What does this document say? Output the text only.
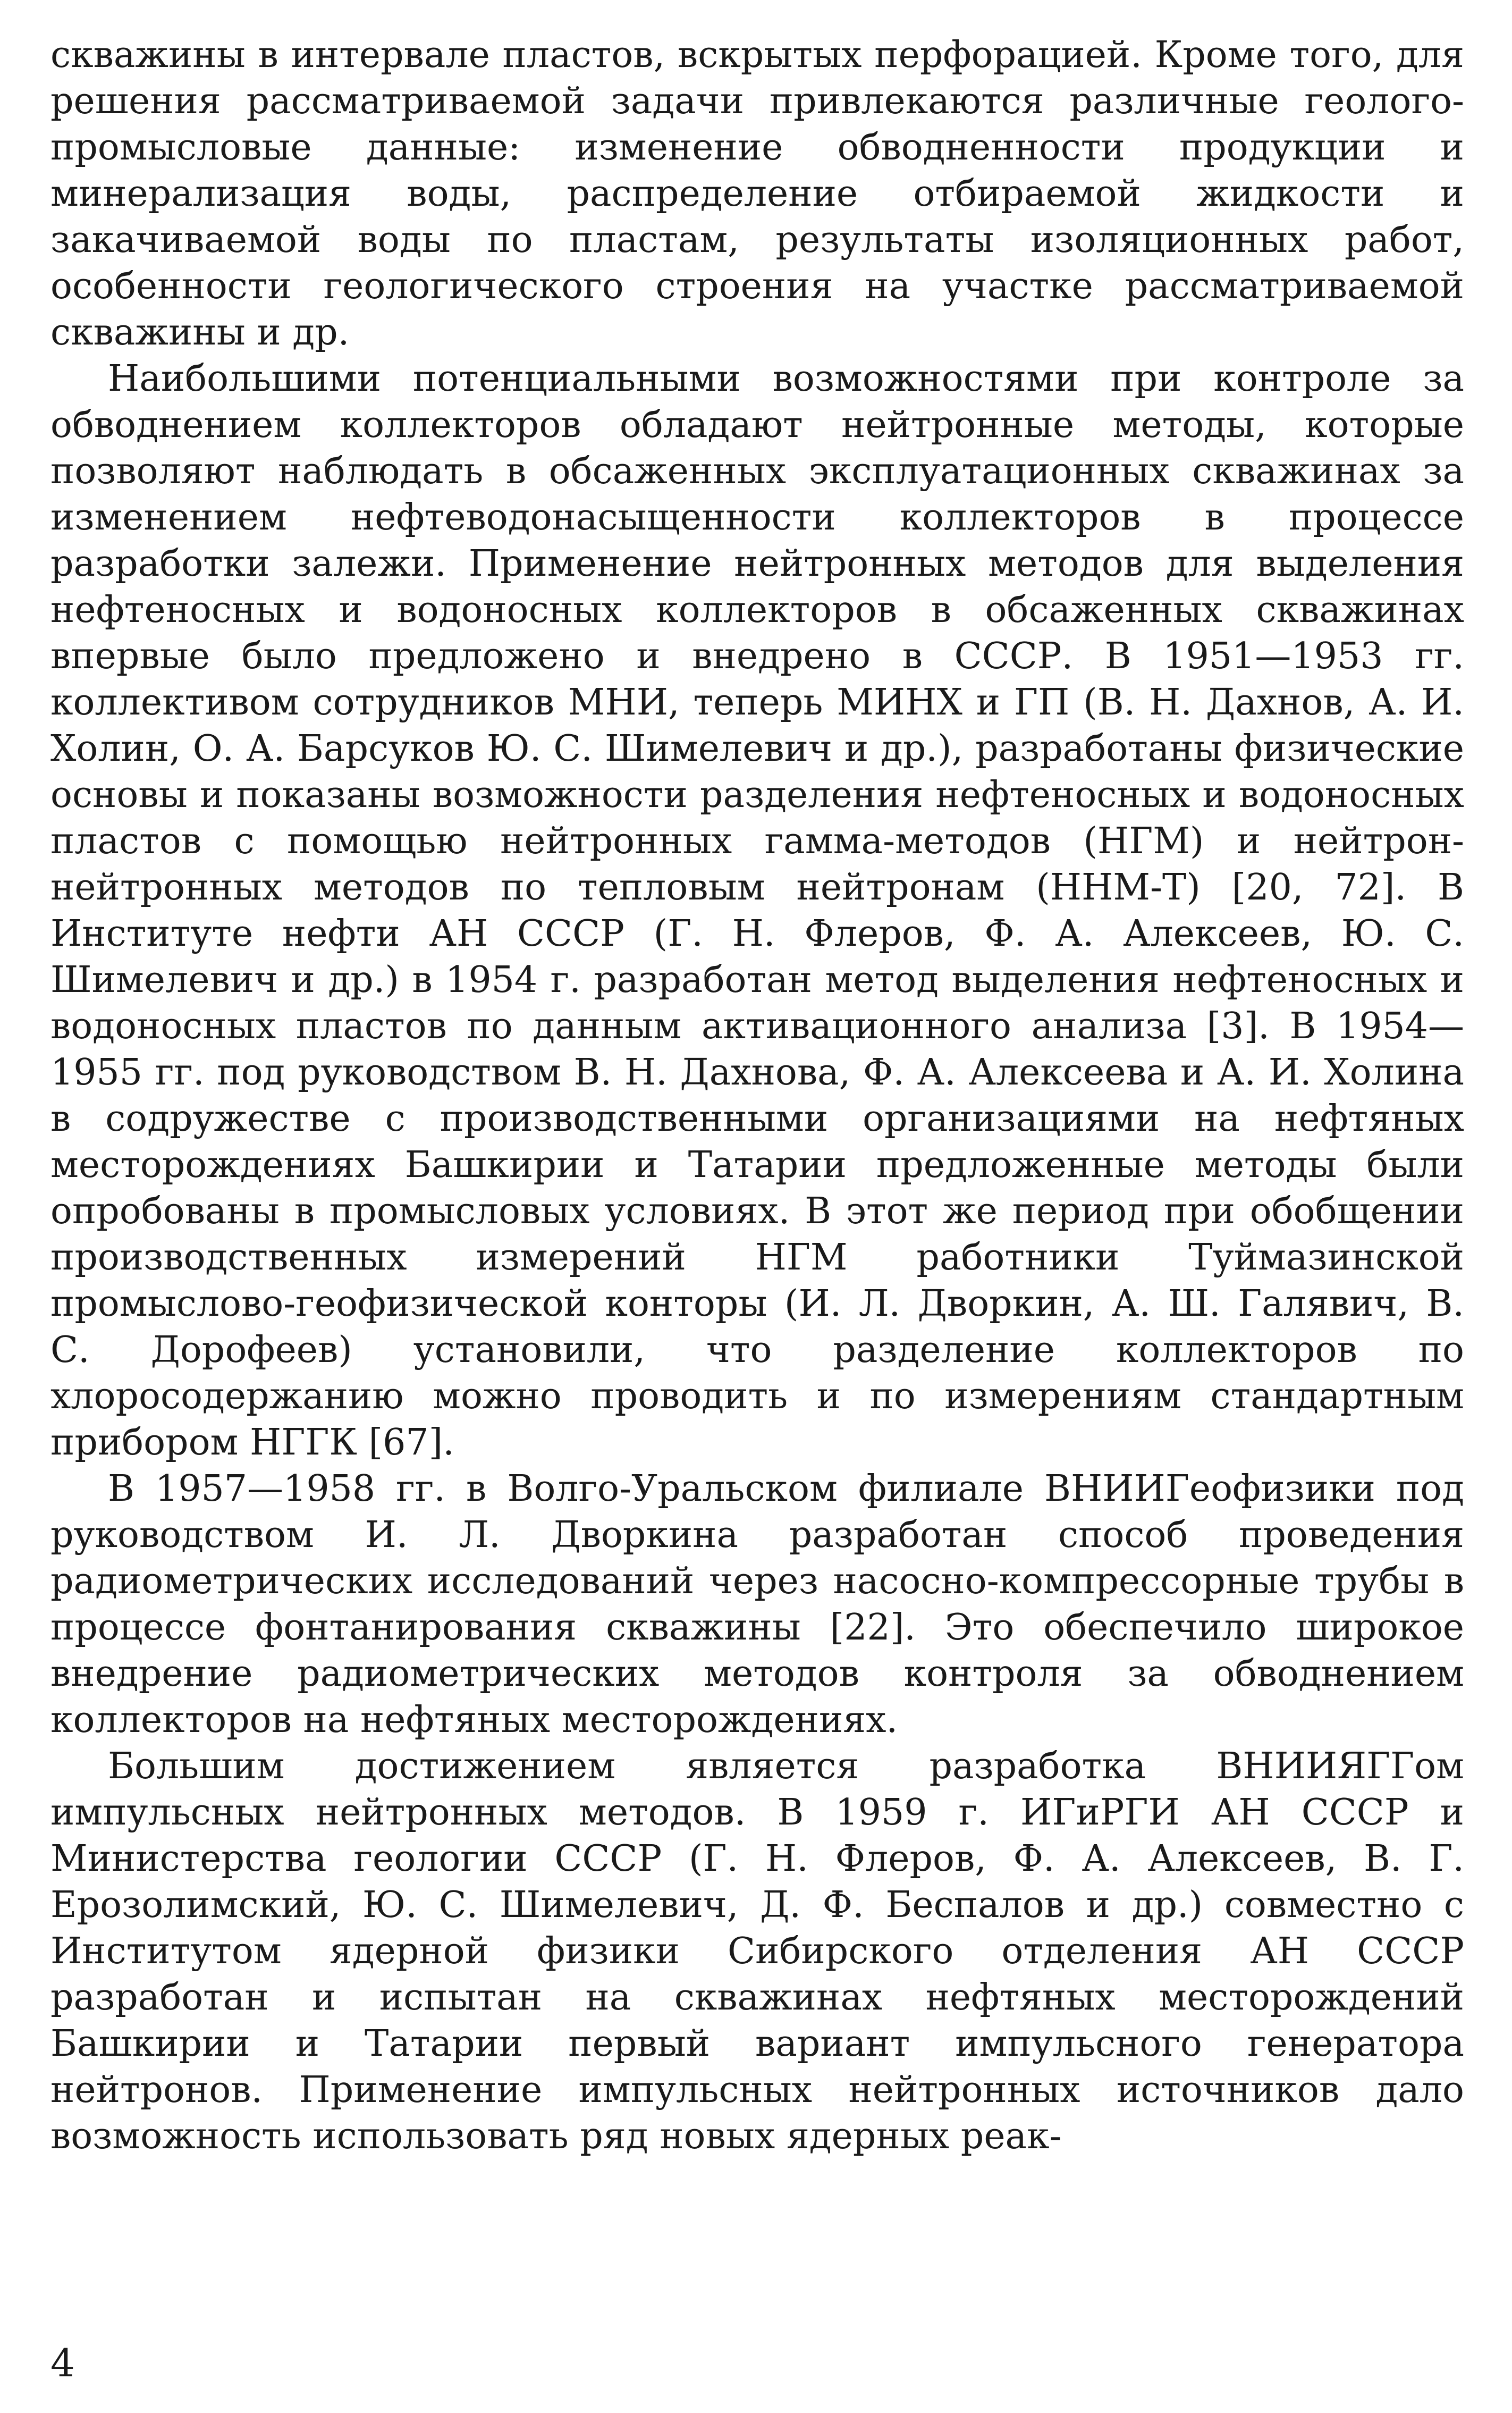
скважины в интервале пластов, вскрытых перфорацией. Кроме того, для решения рассматриваемой задачи привлекаются различные геолого-промысловые данные: изменение обводненности продукции и минерализация воды, распределение отбираемой жидкости и закачиваемой воды по пластам, результаты изоляционных работ, особенности геологического строения на участке рассматриваемой скважины и др.

Наибольшими потенциальными возможностями при контроле за обводнением коллекторов обладают нейтронные методы, которые позволяют наблюдать в обсаженных эксплуатационных скважинах за изменением нефтеводонасыщенности коллекторов в процессе разработки залежи. Применение нейтронных методов для выделения нефтеносных и водоносных коллекторов в обсаженных скважинах впервые было предложено и внедрено в СССР. В 1951—1953 гг. коллективом сотрудников МНИ, теперь МИНХ и ГП (В. Н. Дахнов, А. И. Холин, О. А. Барсуков Ю. С. Шимелевич и др.), разработаны физические основы и показаны возможности разделения нефтеносных и водоносных пластов с помощью нейтронных гамма-методов (НГМ) и нейтрон-нейтронных методов по тепловым нейтронам (ННМ-Т) [20, 72]. В Институте нефти АН СССР (Г. Н. Флеров, Ф. А. Алексеев, Ю. С. Шимелевич и др.) в 1954 г. разработан метод выделения нефтеносных и водоносных пластов по данным активационного анализа [3]. В 1954—1955 гг. под руководством В. Н. Дахнова, Ф. А. Алексеева и А. И. Холина в содружестве с производственными организациями на нефтяных месторождениях Башкирии и Татарии предложенные методы были опробованы в промысловых условиях. В этот же период при обобщении производственных измерений НГМ работники Туймазинской промыслово-геофизической конторы (И. Л. Дворкин, А. Ш. Галявич, В. С. Дорофеев) установили, что разделение коллекторов по хлоросодержанию можно проводить и по измерениям стандартным прибором НГГК [67].

В 1957—1958 гг. в Волго-Уральском филиале ВНИИГеофизики под руководством И. Л. Дворкина разработан способ проведения радиометрических исследований через насосно-компрессорные трубы в процессе фонтанирования скважины [22]. Это обеспечило широкое внедрение радиометрических методов контроля за обводнением коллекторов на нефтяных месторождениях.

Большим достижением является разработка ВНИИЯГГом импульсных нейтронных методов. В 1959 г. ИГиРГИ АН СССР и Министерства геологии СССР (Г. Н. Флеров, Ф. А. Алексеев, В. Г. Ерозолимский, Ю. С. Шимелевич, Д. Ф. Беспалов и др.) совместно с Институтом ядерной физики Сибирского отделения АН СССР разработан и испытан на скважинах нефтяных месторождений Башкирии и Татарии первый вариант импульсного генератора нейтронов. Применение импульсных нейтронных источников дало возможность использовать ряд новых ядерных реак-

4
